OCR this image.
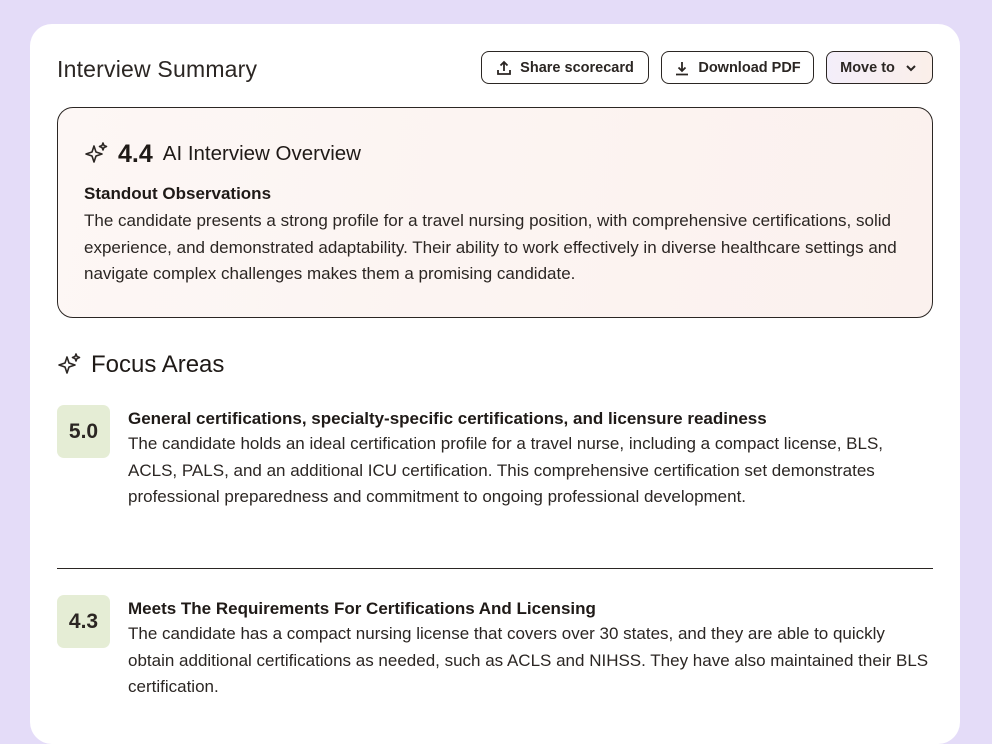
Interview Summary	Share scorecard	Download PDF	Move to
4.4 AI Interview Overview
Standout Observations
The candidate presents a strong profile for a travel nursing position, with comprehensive certifications, solid experience, and demonstrated adaptability. Their ability to work effectively in diverse healthcare settings and navigate complex challenges makes them a promising candidate.
Focus Areas
5.0
General certifications, specialty-specific certifications, and licensure readiness
The candidate holds an ideal certification profile for a travel nurse, including a compact license, BLS, ACLS, PALS, and an additional ICU certification. This comprehensive certification set demonstrates professional preparedness and commitment to ongoing professional development.
4.3
Meets The Requirements For Certifications And Licensing
The candidate has a compact nursing license that covers over 30 states, and they are able to quickly obtain additional certifications as needed, such as ACLS and NIHSS. They have also maintained their BLS certification.
